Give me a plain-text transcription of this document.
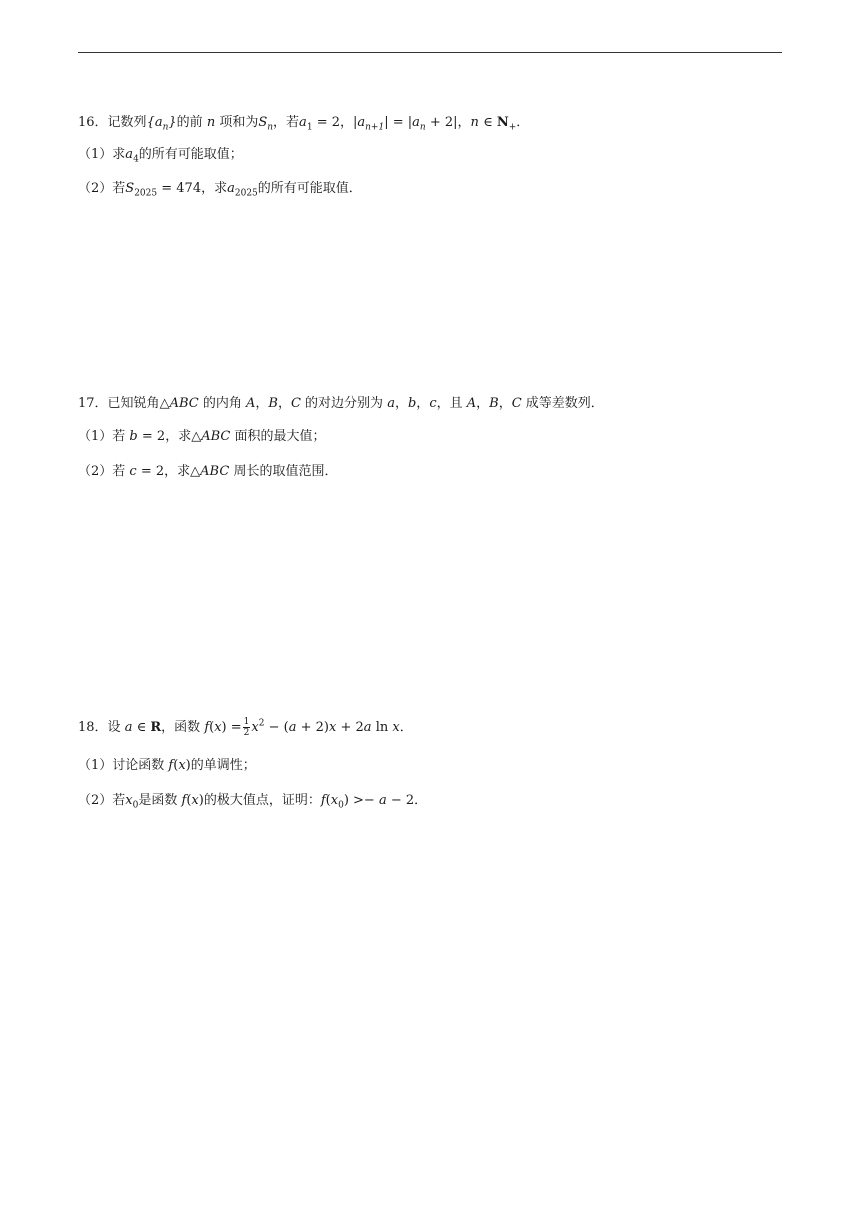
16．记数列$\{a_n\}$的前 n 项和为$S_n$，若$a_1 = 2$，$|a_{n+1}| = |a_n + 2|$，n ∈ $N_+$．
（1）求$a_4$的所有可能取值；
（2）若$S_{2025} = 474$，求$a_{2025}$的所有可能取值．
17．已知锐角△ABC 的内角 A，B，C 的对边分别为 a，b，c，且 A，B，C 成等差数列．
（1）若 b = 2，求△ABC 面积的最大值；
（2）若 c = 2，求△ABC 周长的取值范围．
18．设 a ∈ R，函数 $f(x) = \frac{1}{2} x^2 - (a + 2)x + 2a$ ln x．
（1）讨论函数 f(x)的单调性；
（2）若$x_0$是函数 f(x)的极大值点，证明：$f(x_0) >- a - 2$．
